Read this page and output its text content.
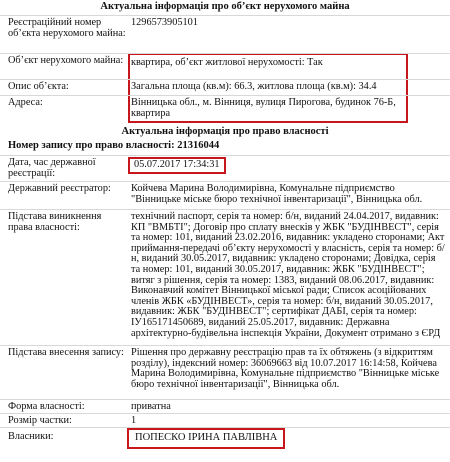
Актуальна інформація про об’єкт нерухомого майна
Реєстраційний номер об’єкта нерухомого майна:
1296573905101
Об’єкт нерухомого майна: квартира, об’єкт житлової нерухомості: Так
Опис об’єкта:	Загальна площа (кв.м): 66.3, житлова площа (кв.м): 34.4
Адреса:	Вінницька обл., м. Вінниця, вулиця Пирогова, будинок 76-Б, квартира
Актуальна інформація про право власності
Номер запису про право власності: 21316044
Дата, час державної реєстрації:
05.07.2017 17:34:31
Державний реєстратор:	Койчева Марина Володимирівна, Комунальне підприємство "Вінницьке міське бюро технічної інвентаризації", Вінницька обл.
Підстава виникнення права власності:
технічний паспорт, серія та номер: б/н, виданий 24.04.2017, видавник: КП "ВМБТІ"; Договір про сплату внесків у ЖБК "БУДІНВЕСТ", серія та номер: 101, виданий 23.02.2016, видавник: укладено сторонами; Акт приймання-передачі об’єкту нерухомості у власність, серія та номер: б/н, виданий 30.05.2017, видавник: укладено сторонами; Довідка, серія та номер: 101, виданий 30.05.2017, видавник: ЖБК "БУДІНВЕСТ"; витяг з рішення, серія та номер: 1383, виданий 08.06.2017, видавник: Виконавчий комітет Вінницької міської ради; Список асоційованих членів ЖБК «БУДІНВЕСТ», серія та номер: б/н, виданий 30.05.2017, видавник: ЖБК "БУДІНВЕСТ"; сертифікат ДАБІ, серія та номер: ІУ165171450689, виданий 25.05.2017, видавник: Державна архітектурно-будівельна інспекція України, Документ отримано з ЄРД
Підстава внесення запису: Рішення про державну реєстрацію прав та їх обтяжень (з відкриттям розділу), індексний номер: 36069663 від 10.07.2017 16:14:58, Койчева Марина Володимирівна, Комунальне підприємство "Вінницьке міське бюро технічної інвентаризації", Вінницька обл.
Форма власності:	приватна
Розмір частки:	1
Власники:	ПОПЕСКО ІРИНА ПАВЛІВНА
